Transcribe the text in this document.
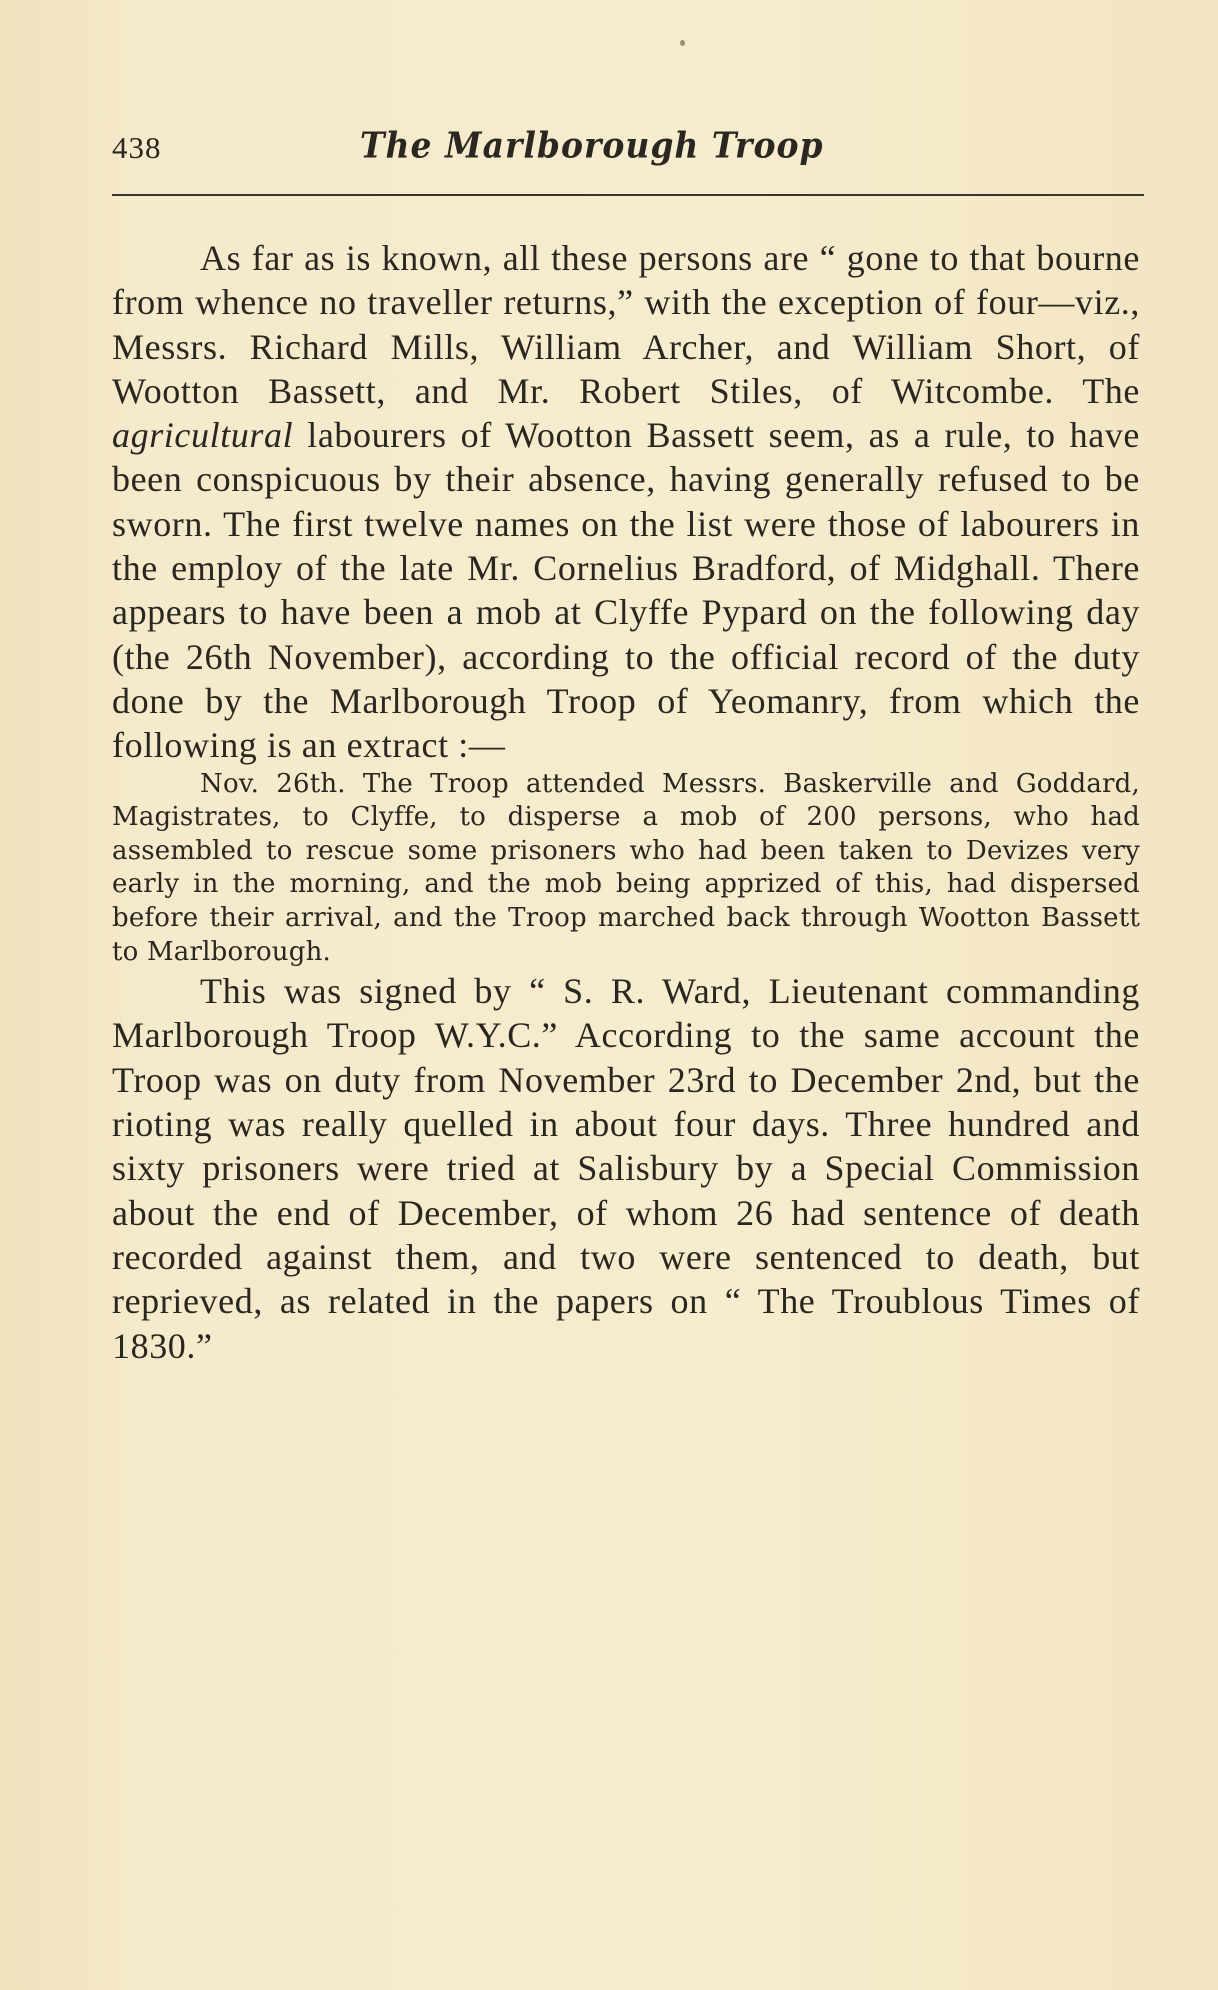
438	The Marlborough Troop

As far as is known, all these persons are “ gone to that bourne from whence no traveller returns,” with the exception of four—viz., Messrs. Richard Mills, William Archer, and William Short, of Wootton Bassett, and Mr. Robert Stiles, of Witcombe. The agricultural labourers of Wootton Bassett seem, as a rule, to have been conspicuous by their absence, having generally refused to be sworn. The first twelve names on the list were those of labourers in the employ of the late Mr. Cornelius Bradford, of Midghall. There appears to have been a mob at Clyffe Pypard on the following day (the 26th November), according to the official record of the duty done by the Marlborough Troop of Yeomanry, from which the following is an extract :—

Nov. 26th. The Troop attended Messrs. Baskerville and Goddard, Magistrates, to Clyffe, to disperse a mob of 200 persons, who had assembled to rescue some prisoners who had been taken to Devizes very early in the morning, and the mob being apprized of this, had dispersed before their arrival, and the Troop marched back through Wootton Bassett to Marlborough.

This was signed by “ S. R. Ward, Lieutenant commanding Marlborough Troop W.Y.C.” According to the same account the Troop was on duty from November 23rd to December 2nd, but the rioting was really quelled in about four days. Three hundred and sixty prisoners were tried at Salisbury by a Special Commission about the end of December, of whom 26 had sentence of death recorded against them, and two were sentenced to death, but reprieved, as related in the papers on “ The Troublous Times of 1830.”
